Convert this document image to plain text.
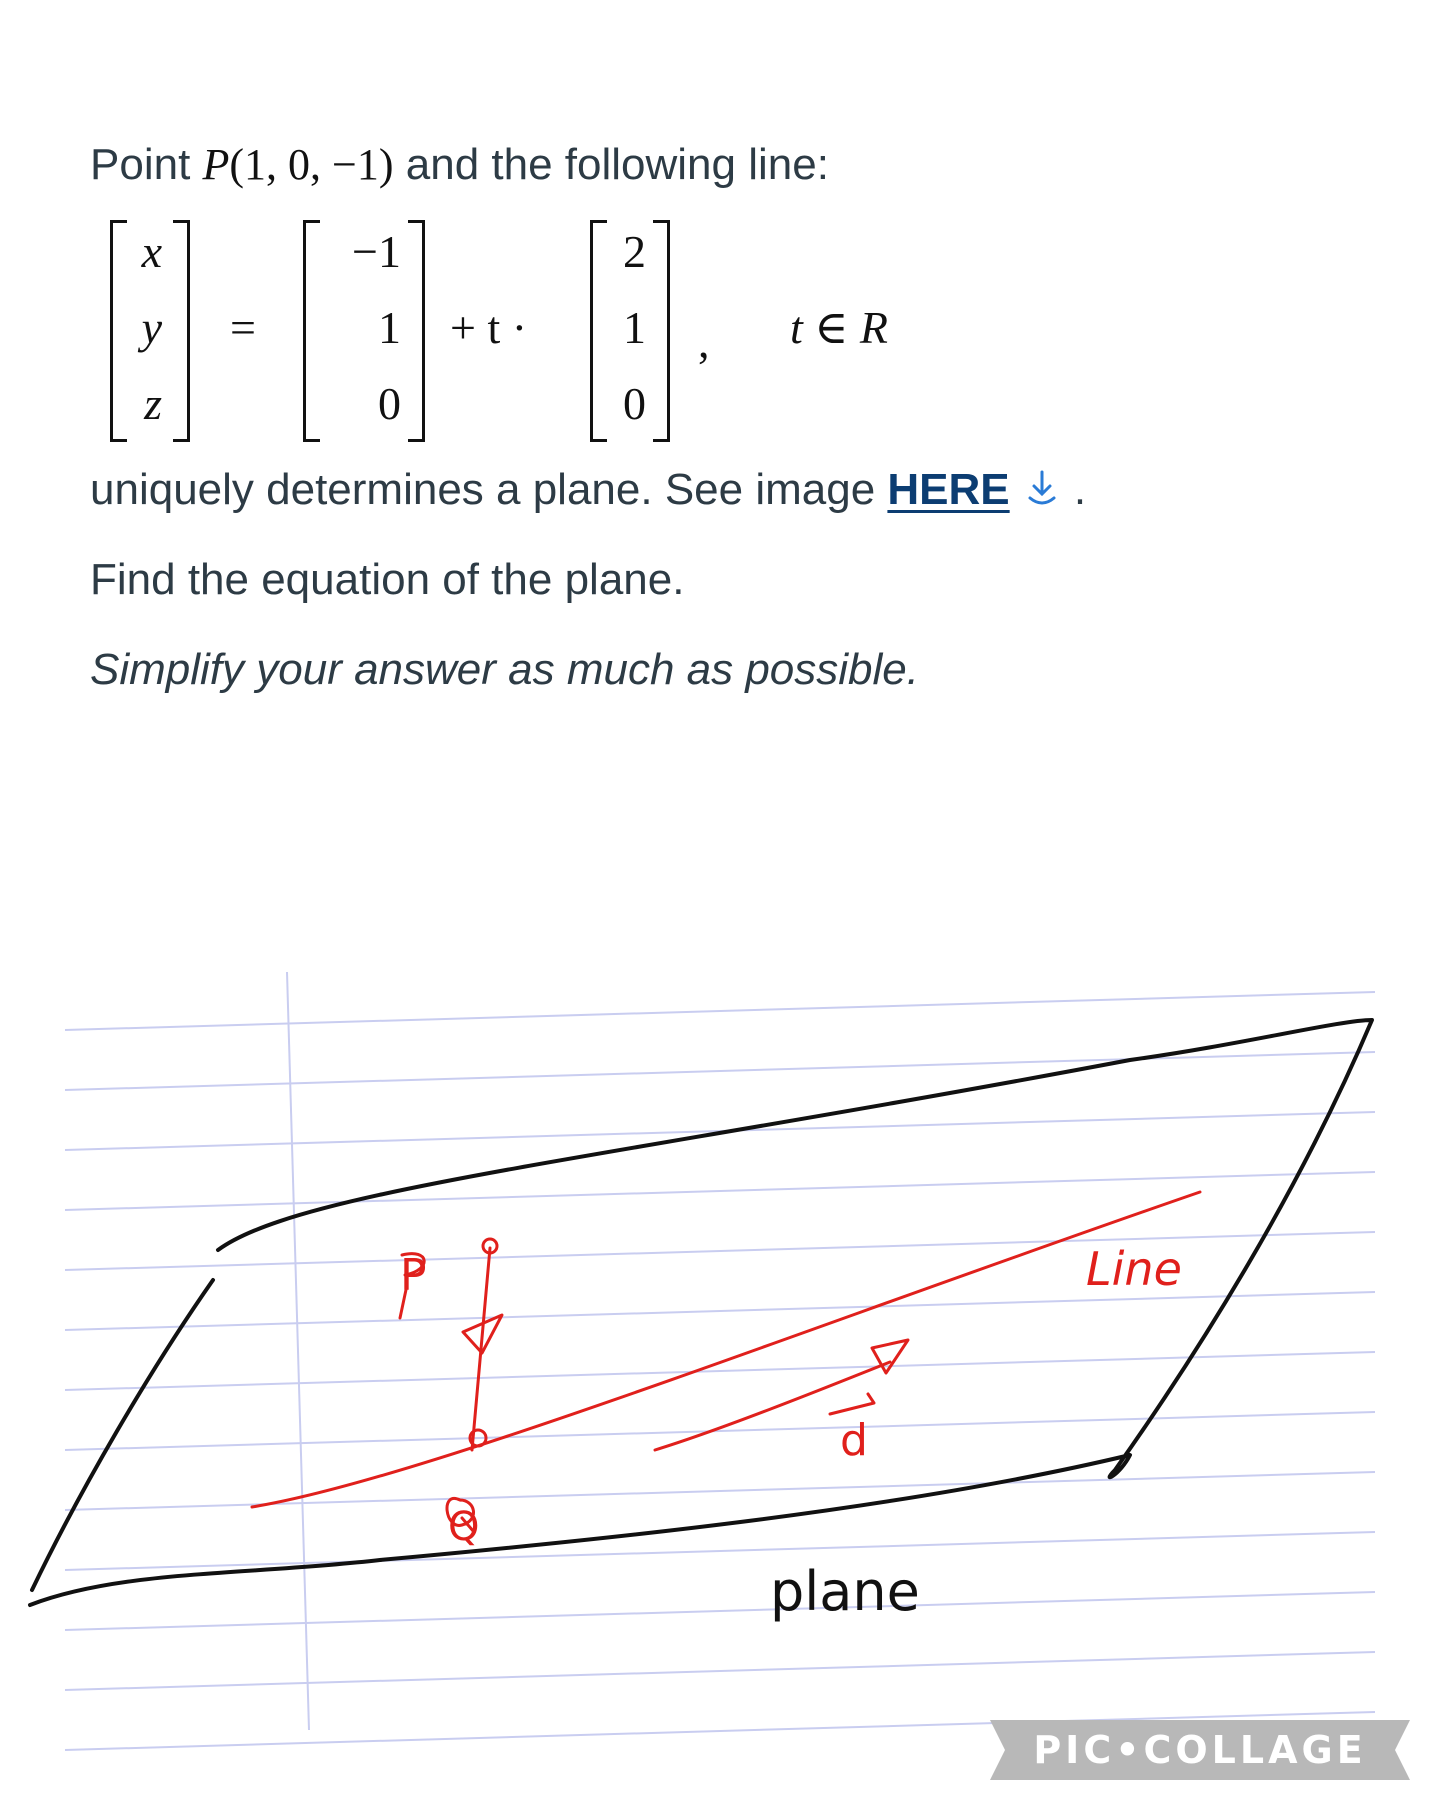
Point P(1, 0, −1) and the following line:
x
y
z
=
−1
1
0
+ t ·
2
1
0
, t ∈ R

uniquely determines a plane. See image HERE .

Find the equation of the plane.

Simplify your answer as much as possible.

P	Line
d
Q
plane
PIC•COLLAGE
